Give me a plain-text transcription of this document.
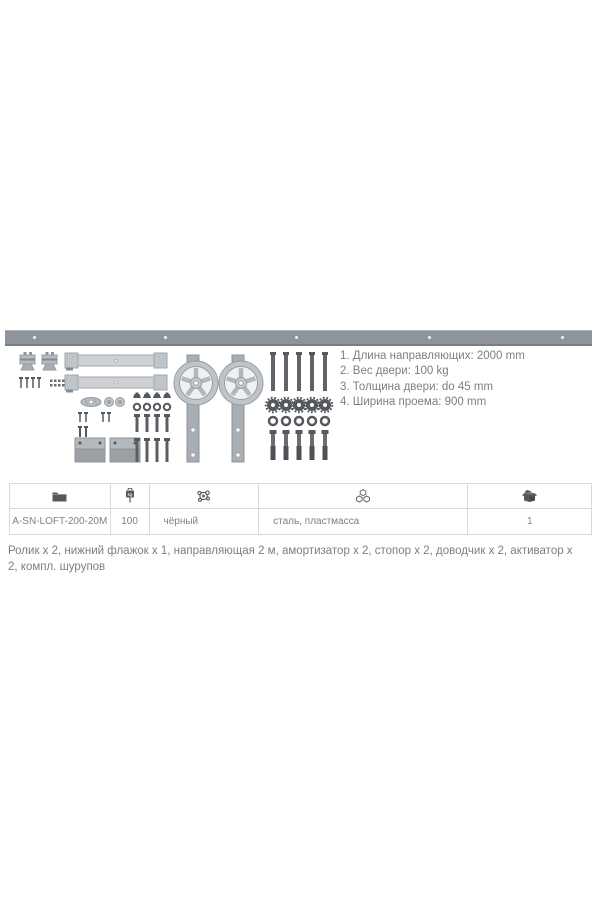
1. Длина направляющих: 2000 mm
2. Вес двери: 100 kg
3. Толщина двери: do 45 mm
4. Ширина проема: 900 mm
kg
A-SN-LOFT-200-20M	100	чёрный	сталь, пластмасса	1
Ролик x 2, нижний флажок x 1, направляющая 2 м, амортизатор x 2, стопор x 2, доводчик x 2, активатор x 2, компл. шурупов
